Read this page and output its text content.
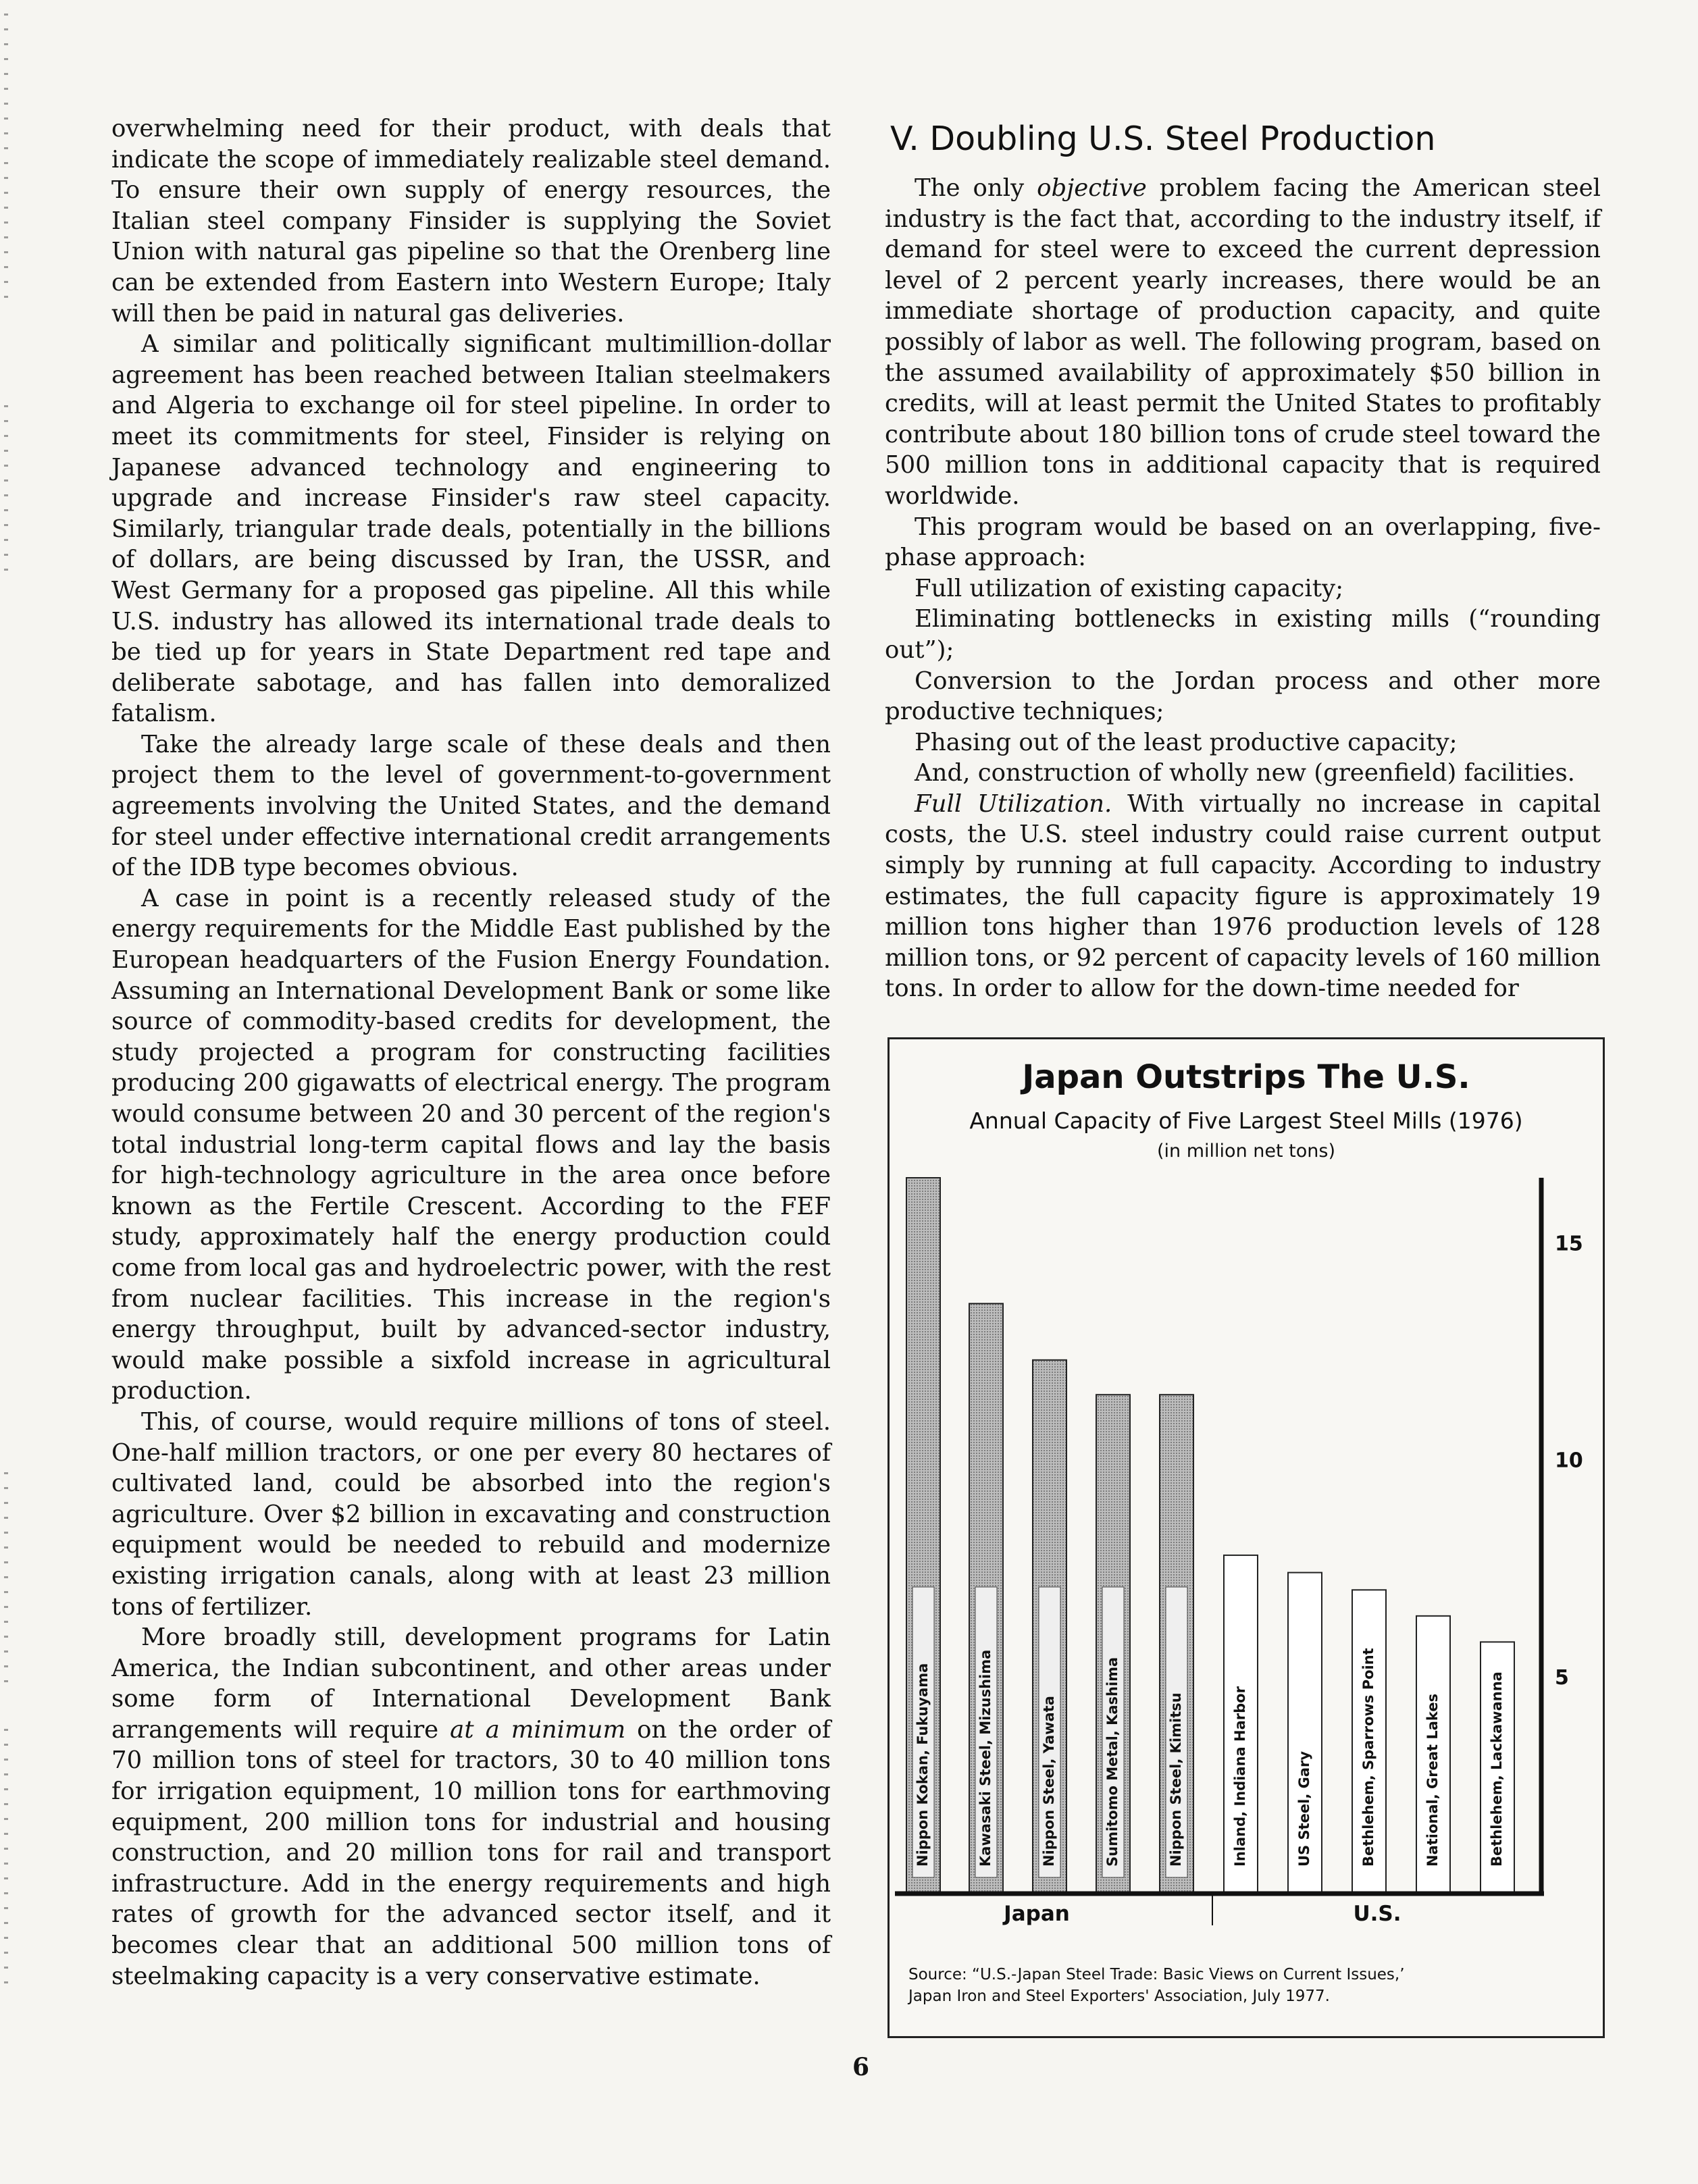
overwhelming need for their product, with deals that indicate the scope of immediately realizable steel demand. To ensure their own supply of energy resources, the Italian steel company Finsider is supplying the Soviet Union with natural gas pipeline so that the Orenberg line can be extended from Eastern into Western Europe; Italy will then be paid in natural gas deliveries.

A similar and politically significant multimillion-dollar agreement has been reached between Italian steelmakers and Algeria to exchange oil for steel pipeline. In order to meet its commitments for steel, Finsider is relying on Japanese advanced technology and engineering to upgrade and increase Finsider's raw steel capacity. Similarly, triangular trade deals, potentially in the billions of dollars, are being discussed by Iran, the USSR, and West Germany for a proposed gas pipeline. All this while U.S. industry has allowed its international trade deals to be tied up for years in State Department red tape and deliberate sabotage, and has fallen into demoralized fatalism.

Take the already large scale of these deals and then project them to the level of government-to-government agreements involving the United States, and the demand for steel under effective international credit arrangements of the IDB type becomes obvious.

A case in point is a recently released study of the energy requirements for the Middle East published by the European headquarters of the Fusion Energy Foundation. Assuming an International Development Bank or some like source of commodity-based credits for development, the study projected a program for constructing facilities producing 200 gigawatts of electrical energy. The program would consume between 20 and 30 percent of the region's total industrial long-term capital flows and lay the basis for high-technology agriculture in the area once before known as the Fertile Crescent. According to the FEF study, approximately half the energy production could come from local gas and hydroelectric power, with the rest from nuclear facilities. This increase in the region's energy throughput, built by advanced-sector industry, would make possible a sixfold increase in agricultural production.

This, of course, would require millions of tons of steel. One-half million tractors, or one per every 80 hectares of cultivated land, could be absorbed into the region's agriculture. Over $2 billion in excavating and construction equipment would be needed to rebuild and modernize existing irrigation canals, along with at least 23 million tons of fertilizer.

More broadly still, development programs for Latin America, the Indian subcontinent, and other areas under some form of International Development Bank arrangements will require at a minimum on the order of 70 million tons of steel for tractors, 30 to 40 million tons for irrigation equipment, 10 million tons for earthmoving equipment, 200 million tons for industrial and housing construction, and 20 million tons for rail and transport infrastructure. Add in the energy requirements and high rates of growth for the advanced sector itself, and it becomes clear that an additional 500 million tons of steelmaking capacity is a very conservative estimate.

V. Doubling U.S. Steel Production

The only objective problem facing the American steel industry is the fact that, according to the industry itself, if demand for steel were to exceed the current depression level of 2 percent yearly increases, there would be an immediate shortage of production capacity, and quite possibly of labor as well. The following program, based on the assumed availability of approximately $50 billion in credits, will at least permit the United States to profitably contribute about 180 billion tons of crude steel toward the 500 million tons in additional capacity that is required worldwide.

This program would be based on an overlapping, five-phase approach:

Full utilization of existing capacity;

Eliminating bottlenecks in existing mills (“rounding out”);

Conversion to the Jordan process and other more productive techniques;

Phasing out of the least productive capacity;

And, construction of wholly new (greenfield) facilities.

Full Utilization. With virtually no increase in capital costs, the U.S. steel industry could raise current output simply by running at full capacity. According to industry estimates, the full capacity figure is approximately 19 million tons higher than 1976 production levels of 128 million tons, or 92 percent of capacity levels of 160 million tons. In order to allow for the down-time needed for

Japan Outstrips The U.S.
Annual Capacity of Five Largest Steel Mills (1976)
(in million net tons)
Nippon Kokan, Fukuyama	Kawasaki Steel, Mizushima	Nippon Steel, Yawata	Sumitomo Metal, Kashima	Nippon Steel, Kimitsu	Inland, Indiana Harbor	US Steel, Gary	Bethlehem, Sparrows Point	National, Great Lakes	Bethlehem, Lackawanna 5
10
15
Japan	U.S.
Source: “U.S.-Japan Steel Trade: Basic Views on Current Issues,’ Japan Iron and Steel Exporters' Association, July 1977.
6
